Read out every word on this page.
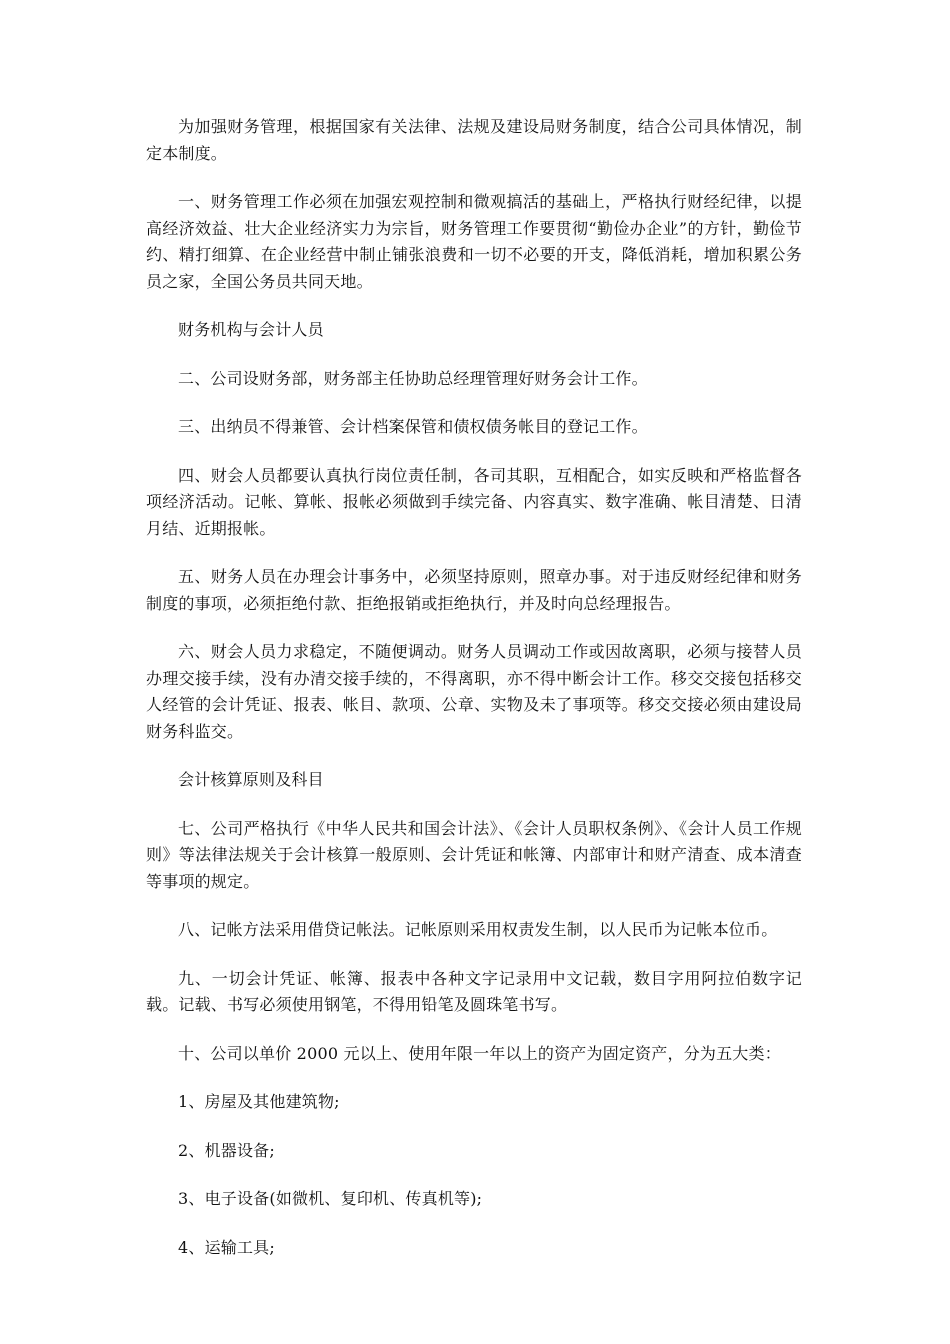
为加强财务管理，根据国家有关法律、法规及建设局财务制度，结合公司具体情况，制定本制度。

一、财务管理工作必须在加强宏观控制和微观搞活的基础上，严格执行财经纪律，以提高经济效益、壮大企业经济实力为宗旨，财务管理工作要贯彻“勤俭办企业”的方针，勤俭节约、精打细算、在企业经营中制止铺张浪费和一切不必要的开支，降低消耗，增加积累公务员之家，全国公务员共同天地。

财务机构与会计人员

二、公司设财务部，财务部主任协助总经理管理好财务会计工作。

三、出纳员不得兼管、会计档案保管和债权债务帐目的登记工作。

四、财会人员都要认真执行岗位责任制，各司其职，互相配合，如实反映和严格监督各项经济活动。记帐、算帐、报帐必须做到手续完备、内容真实、数字准确、帐目清楚、日清月结、近期报帐。

五、财务人员在办理会计事务中，必须坚持原则，照章办事。对于违反财经纪律和财务制度的事项，必须拒绝付款、拒绝报销或拒绝执行，并及时向总经理报告。

六、财会人员力求稳定，不随便调动。财务人员调动工作或因故离职，必须与接替人员办理交接手续，没有办清交接手续的，不得离职，亦不得中断会计工作。移交交接包括移交人经管的会计凭证、报表、帐目、款项、公章、实物及未了事项等。移交交接必须由建设局财务科监交。

会计核算原则及科目

七、公司严格执行《中华人民共和国会计法》、《会计人员职权条例》、《会计人员工作规则》等法律法规关于会计核算一般原则、会计凭证和帐簿、内部审计和财产清查、成本清查等事项的规定。

八、记帐方法采用借贷记帐法。记帐原则采用权责发生制，以人民币为记帐本位币。

九、一切会计凭证、帐簿、报表中各种文字记录用中文记载，数目字用阿拉伯数字记载。记载、书写必须使用钢笔，不得用铅笔及圆珠笔书写。

十、公司以单价 2000 元以上、使用年限一年以上的资产为固定资产，分为五大类：

1、房屋及其他建筑物;

2、机器设备;

3、电子设备(如微机、复印机、传真机等);

4、运输工具;
